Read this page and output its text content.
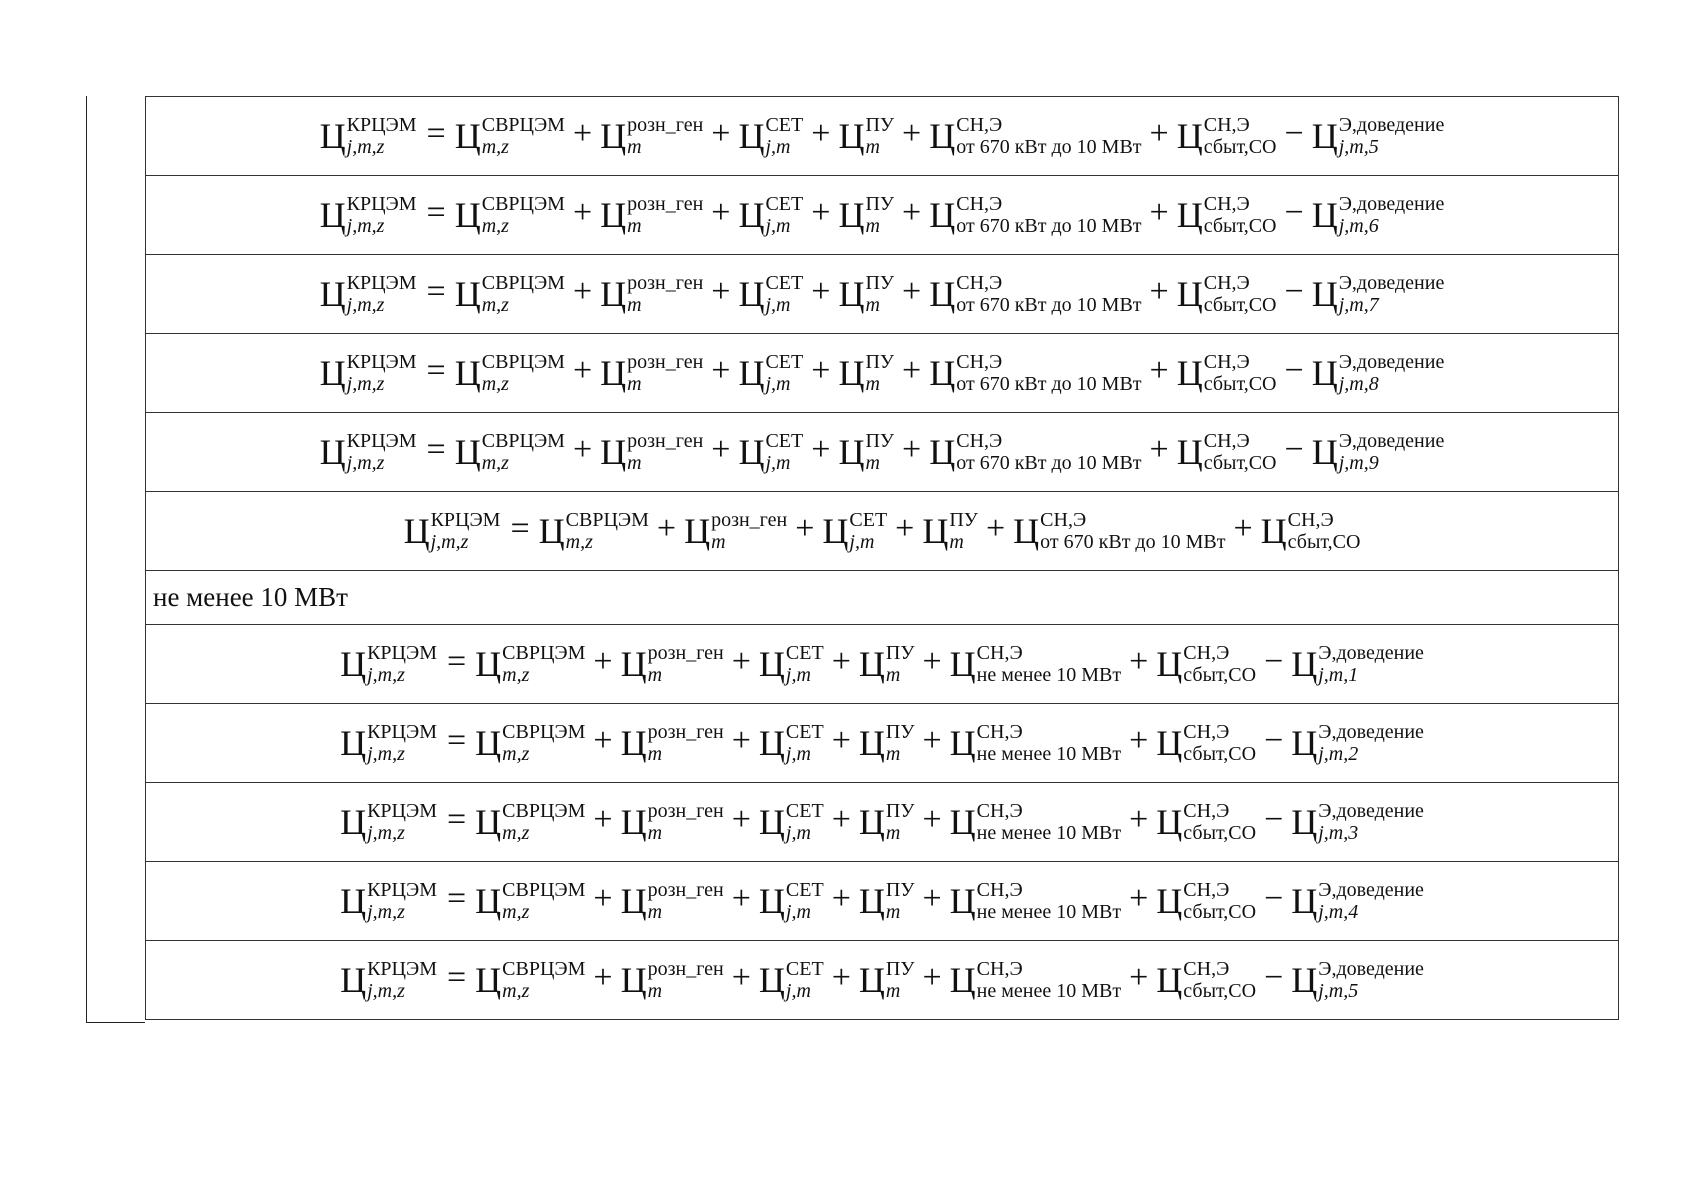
Ц КРЦЭМ
j,m,z	= Ц СВРЦЭМ
m,z	+ Ц розн_ген
m	+ Ц СЕТ
j,m + Ц ПУ
m + Ц СН,Э
от 670 кВт до 10 МВт + Ц СН,Э
сбыт,СО − Ц Э,доведение
j,m,5

Ц КРЦЭМ
j,m,z	= Ц СВРЦЭМ
m,z	+ Ц розн_ген
m	+ Ц СЕТ
j,m + Ц ПУ
m + Ц СН,Э
от 670 кВт до 10 МВт + Ц СН,Э
сбыт,СО − Ц Э,доведение
j,m,6

Ц КРЦЭМ
j,m,z	= Ц СВРЦЭМ
m,z	+ Ц розн_ген
m	+ Ц СЕТ
j,m + Ц ПУ
m + Ц СН,Э
от 670 кВт до 10 МВт + Ц СН,Э
сбыт,СО − Ц Э,доведение
j,m,7

Ц КРЦЭМ
j,m,z	= Ц СВРЦЭМ
m,z	+ Ц розн_ген
m	+ Ц СЕТ
j,m + Ц ПУ
m + Ц СН,Э
от 670 кВт до 10 МВт + Ц СН,Э
сбыт,СО − Ц Э,доведение
j,m,8

Ц КРЦЭМ
j,m,z	= Ц СВРЦЭМ
m,z	+ Ц розн_ген
m	+ Ц СЕТ
j,m + Ц ПУ
m + Ц СН,Э
от 670 кВт до 10 МВт + Ц СН,Э
сбыт,СО − Ц Э,доведение
j,m,9

Ц КРЦЭМ
j,m,z	= Ц СВРЦЭМ
m,z	+ Ц розн_ген
m	+ Ц СЕТ
j,m + Ц ПУ
m + Ц СН,Э
от 670 кВт до 10 МВт + Ц СН,Э
сбыт,СО

не менее 10 МВт

Ц КРЦЭМ
j,m,z	= Ц СВРЦЭМ
m,z	+ Ц розн_ген
m	+ Ц СЕТ
j,m + Ц ПУ
m + Ц СН,Э
не менее 10 МВт + Ц СН,Э
сбыт,СО − Ц Э,доведение
j,m,1

Ц КРЦЭМ
j,m,z	= Ц СВРЦЭМ
m,z	+ Ц розн_ген
m	+ Ц СЕТ
j,m + Ц ПУ
m + Ц СН,Э
не менее 10 МВт + Ц СН,Э
сбыт,СО − Ц Э,доведение
j,m,2

Ц КРЦЭМ
j,m,z	= Ц СВРЦЭМ
m,z	+ Ц розн_ген
m	+ Ц СЕТ
j,m + Ц ПУ
m + Ц СН,Э
не менее 10 МВт + Ц СН,Э
сбыт,СО − Ц Э,доведение
j,m,3

Ц КРЦЭМ
j,m,z	= Ц СВРЦЭМ
m,z	+ Ц розн_ген
m	+ Ц СЕТ
j,m + Ц ПУ
m + Ц СН,Э
не менее 10 МВт + Ц СН,Э
сбыт,СО − Ц Э,доведение
j,m,4

Ц КРЦЭМ
j,m,z	= Ц СВРЦЭМ
m,z	+ Ц розн_ген
m	+ Ц СЕТ
j,m + Ц ПУ
m + Ц СН,Э
не менее 10 МВт + Ц СН,Э
сбыт,СО − Ц Э,доведение
j,m,5
